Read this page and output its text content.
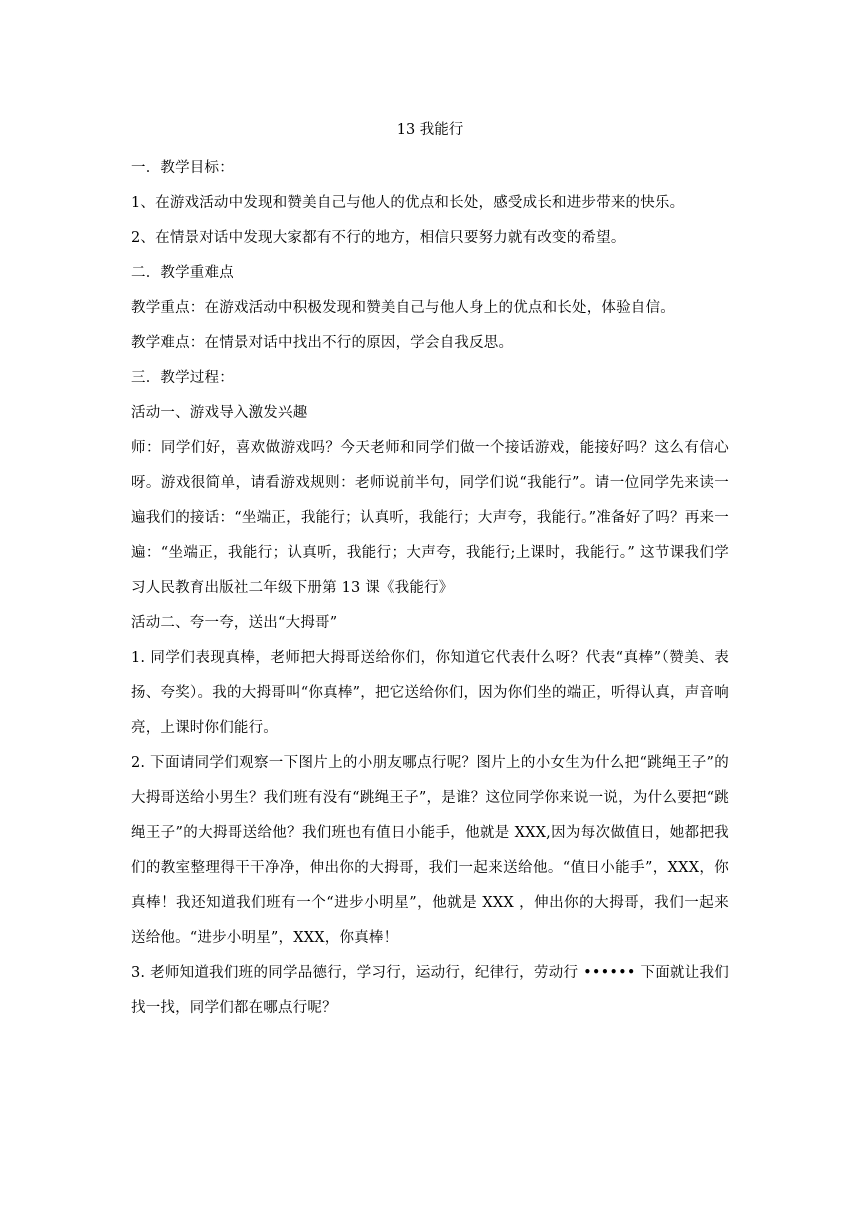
13 我能行

一．教学目标：

1、在游戏活动中发现和赞美自己与他人的优点和长处，感受成长和进步带来的快乐。

2、在情景对话中发现大家都有不行的地方，相信只要努力就有改变的希望。

二．教学重难点

教学重点：在游戏活动中积极发现和赞美自己与他人身上的优点和长处，体验自信。

教学难点：在情景对话中找出不行的原因，学会自我反思。

三．教学过程：

活动一、游戏导入激发兴趣

师：同学们好，喜欢做游戏吗？今天老师和同学们做一个接话游戏，能接好吗？这么有信心呀。游戏很简单，请看游戏规则：老师说前半句，同学们说“我能行”。请一位同学先来读一遍我们的接话：“坐端正，我能行；认真听，我能行；大声夸，我能行。”准备好了吗？再来一遍：“坐端正，我能行；认真听，我能行；大声夸，我能行;上课时，我能行。” 这节课我们学习人民教育出版社二年级下册第 13 课《我能行》

活动二、夸一夸，送出“大拇哥”

1. 同学们表现真棒，老师把大拇哥送给你们，你知道它代表什么呀？代表“真棒”（赞美、表扬、夸奖）。我的大拇哥叫“你真棒”，把它送给你们，因为你们坐的端正，听得认真，声音响亮，上课时你们能行。

2. 下面请同学们观察一下图片上的小朋友哪点行呢？图片上的小女生为什么把“跳绳王子”的大拇哥送给小男生？我们班有没有“跳绳王子”，是谁？这位同学你来说一说，为什么要把“跳绳王子”的大拇哥送给他？我们班也有值日小能手，他就是 XXX,因为每次做值日，她都把我们的教室整理得干干净净，伸出你的大拇哥，我们一起来送给他。“值日小能手”，XXX，你真棒！我还知道我们班有一个“进步小明星”，他就是 XXX ，伸出你的大拇哥，我们一起来送给他。“进步小明星”，XXX，你真棒！

3. 老师知道我们班的同学品德行，学习行，运动行，纪律行，劳动行 •••••• 下面就让我们找一找，同学们都在哪点行呢？
